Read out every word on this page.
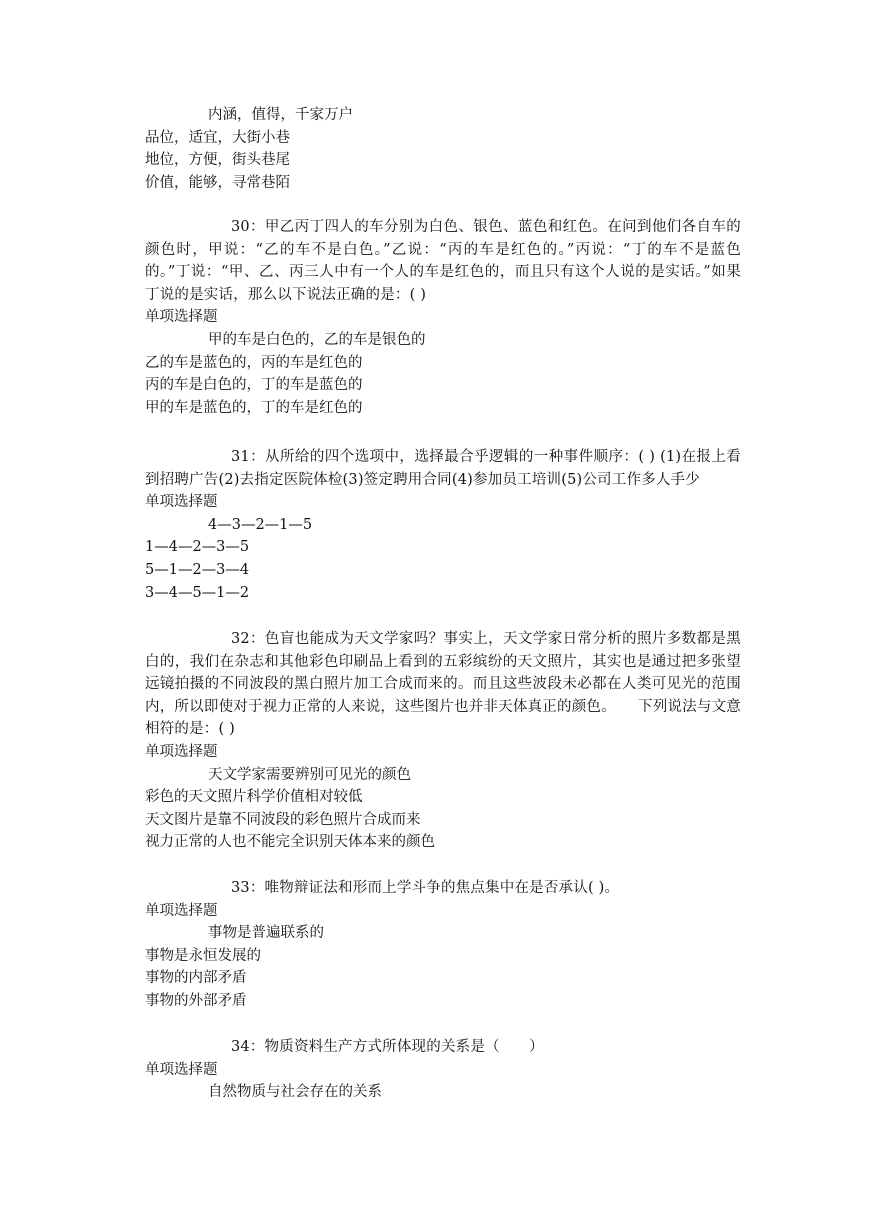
内涵，值得，千家万户
品位，适宜，大街小巷
地位，方便，街头巷尾
价值，能够，寻常巷陌
30：甲乙丙丁四人的车分别为白色、银色、蓝色和红色。在问到他们各自车的颜色时，甲说：“乙的车不是白色。”乙说：“丙的车是红色的。”丙说：“丁的车不是蓝色的。”丁说：“甲、乙、丙三人中有一个人的车是红色的，而且只有这个人说的是实话。”如果丁说的是实话，那么以下说法正确的是：( )
单项选择题
甲的车是白色的，乙的车是银色的
乙的车是蓝色的，丙的车是红色的
丙的车是白色的，丁的车是蓝色的
甲的车是蓝色的，丁的车是红色的
31：从所给的四个选项中，选择最合乎逻辑的一种事件顺序：( ) (1)在报上看到招聘广告(2)去指定医院体检(3)签定聘用合同(4)参加员工培训(5)公司工作多人手少
单项选择题
4—3—2—1—5
1—4—2—3—5
5—1—2—3—4
3—4—5—1—2
32：色盲也能成为天文学家吗？事实上，天文学家日常分析的照片多数都是黑白的，我们在杂志和其他彩色印刷品上看到的五彩缤纷的天文照片，其实也是通过把多张望远镜拍摄的不同波段的黑白照片加工合成而来的。而且这些波段未必都在人类可见光的范围内，所以即使对于视力正常的人来说，这些图片也并非天体真正的颜色。　　下列说法与文意相符的是：( )
单项选择题
天文学家需要辨别可见光的颜色
彩色的天文照片科学价值相对较低
天文图片是靠不同波段的彩色照片合成而来
视力正常的人也不能完全识别天体本来的颜色
33：唯物辩证法和形而上学斗争的焦点集中在是否承认( )。
单项选择题
事物是普遍联系的
事物是永恒发展的
事物的内部矛盾
事物的外部矛盾
34：物质资料生产方式所体现的关系是（　　）
单项选择题
自然物质与社会存在的关系
